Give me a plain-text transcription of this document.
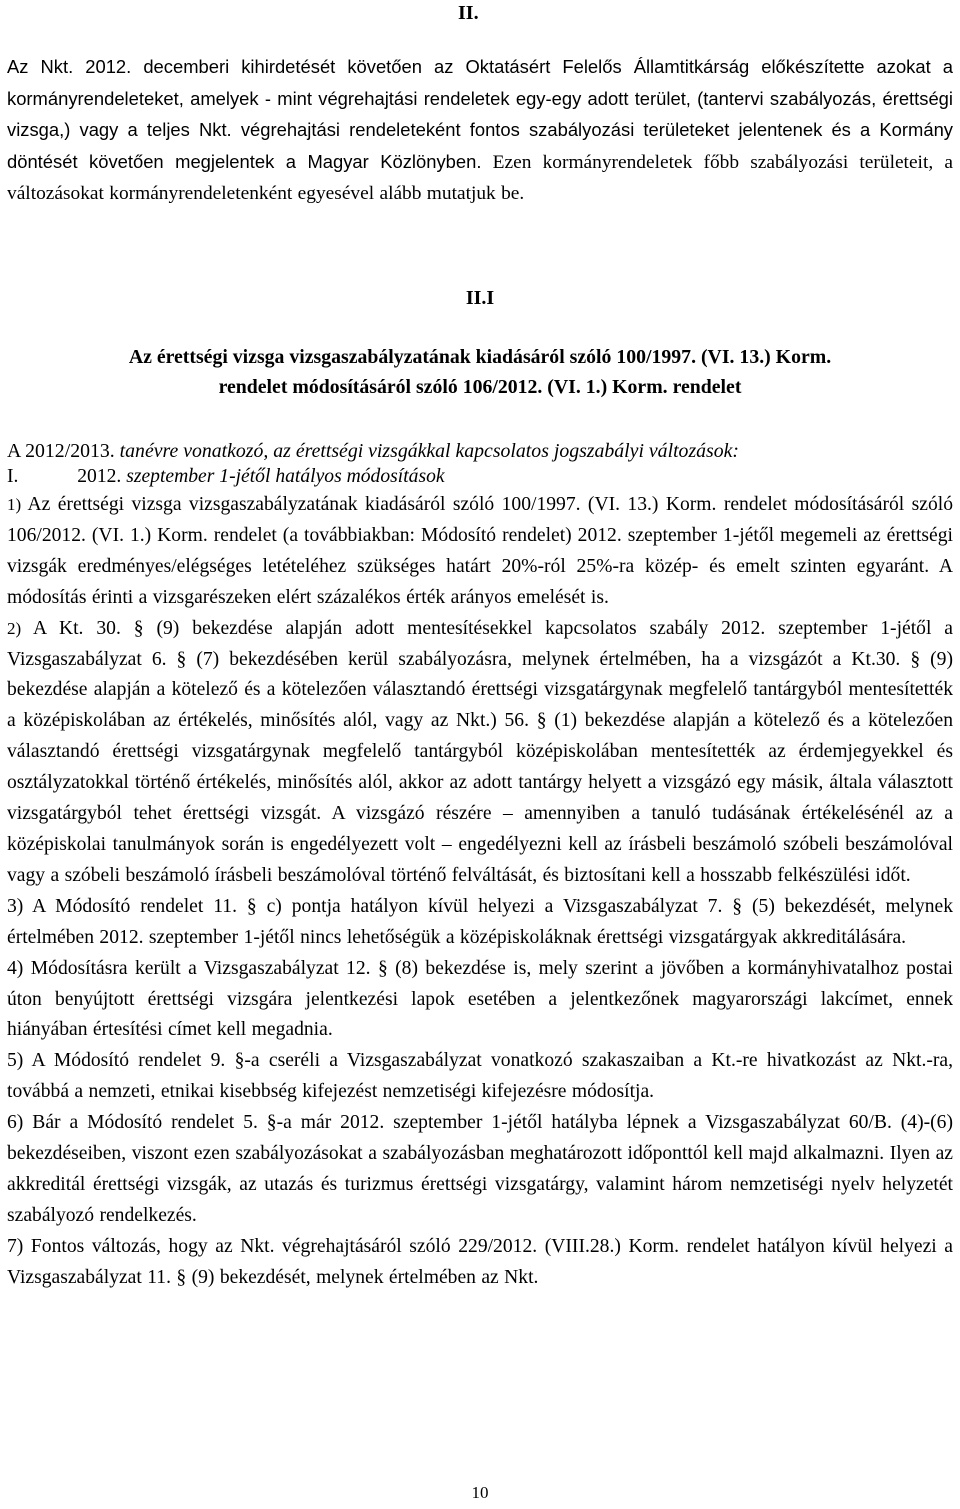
II.

Az Nkt. 2012. decemberi kihirdetését követően az Oktatásért Felelős Államtitkárság előkészítette azokat a kormányrendeleteket, amelyek - mint végrehajtási rendeletek egy-egy adott terület, (tantervi szabályozás, érettségi vizsga,) vagy a teljes Nkt. végrehajtási rendeleteként fontos szabályozási területeket jelentenek és a Kormány döntését követően megjelentek a Magyar Közlönyben. Ezen kormányrendeletek főbb szabályozási területeit, a változásokat kormányrendeletenként egyesével alább mutatjuk be.

II.I
Az érettségi vizsga vizsgaszabályzatának kiadásáról szóló 100/1997. (VI. 13.) Korm.
rendelet módosításáról szóló 106/2012. (VI. 1.) Korm. rendelet

A 2012/2013. tanévre vonatkozó, az érettségi vizsgákkal kapcsolatos jogszabályi változások:

I.	2012. szeptember 1-jétől hatályos módosítások

1) Az érettségi vizsga vizsgaszabályzatának kiadásáról szóló 100/1997. (VI. 13.) Korm. rendelet módosításáról szóló 106/2012. (VI. 1.) Korm. rendelet (a továbbiakban: Módosító rendelet) 2012. szeptember 1-jétől megemeli az érettségi vizsgák eredményes/elégséges letételéhez szükséges határt 20%-ról 25%-ra közép- és emelt szinten egyaránt. A módosítás érinti a vizsgarészeken elért százalékos érték arányos emelését is.

2) A Kt. 30. § (9) bekezdése alapján adott mentesítésekkel kapcsolatos szabály 2012. szeptember 1-jétől a Vizsgaszabályzat 6. § (7) bekezdésében kerül szabályozásra, melynek értelmében, ha a vizsgázót a Kt.30. § (9) bekezdése alapján a kötelező és a kötelezően választandó érettségi vizsgatárgynak megfelelő tantárgyból mentesítették a középiskolában az értékelés, minősítés alól, vagy az Nkt.) 56. § (1) bekezdése alapján a kötelező és a kötelezően választandó érettségi vizsgatárgynak megfelelő tantárgyból középiskolában mentesítették az érdemjegyekkel és osztályzatokkal történő értékelés, minősítés alól, akkor az adott tantárgy helyett a vizsgázó egy másik, általa választott vizsgatárgyból tehet érettségi vizsgát. A vizsgázó részére – amennyiben a tanuló tudásának értékelésénél az a középiskolai tanulmányok során is engedélyezett volt – engedélyezni kell az írásbeli beszámoló szóbeli beszámolóval vagy a szóbeli beszámoló írásbeli beszámolóval történő felváltását, és biztosítani kell a hosszabb felkészülési időt.

3) A Módosító rendelet 11. § c) pontja hatályon kívül helyezi a Vizsgaszabályzat 7. § (5) bekezdését, melynek értelmében 2012. szeptember 1-jétől nincs lehetőségük a középiskoláknak érettségi vizsgatárgyak akkreditálására.

4) Módosításra került a Vizsgaszabályzat 12. § (8) bekezdése is, mely szerint a jövőben a kormányhivatalhoz postai úton benyújtott érettségi vizsgára jelentkezési lapok esetében a jelentkezőnek magyarországi lakcímet, ennek hiányában értesítési címet kell megadnia.

5) A Módosító rendelet 9. §-a cseréli a Vizsgaszabályzat vonatkozó szakaszaiban a Kt.-re hivatkozást az Nkt.-ra, továbbá a nemzeti, etnikai kisebbség kifejezést nemzetiségi kifejezésre módosítja.

6) Bár a Módosító rendelet 5. §-a már 2012. szeptember 1-jétől hatályba lépnek a Vizsgaszabályzat 60/B. (4)-(6) bekezdéseiben, viszont ezen szabályozásokat a szabályozásban meghatározott időponttól kell majd alkalmazni. Ilyen az akkreditál érettségi vizsgák, az utazás és turizmus érettségi vizsgatárgy, valamint három nemzetiségi nyelv helyzetét szabályozó rendelkezés.

7) Fontos változás, hogy az Nkt. végrehajtásáról szóló 229/2012. (VIII.28.) Korm. rendelet hatályon kívül helyezi a Vizsgaszabályzat 11. § (9) bekezdését, melynek értelmében az Nkt.

10
